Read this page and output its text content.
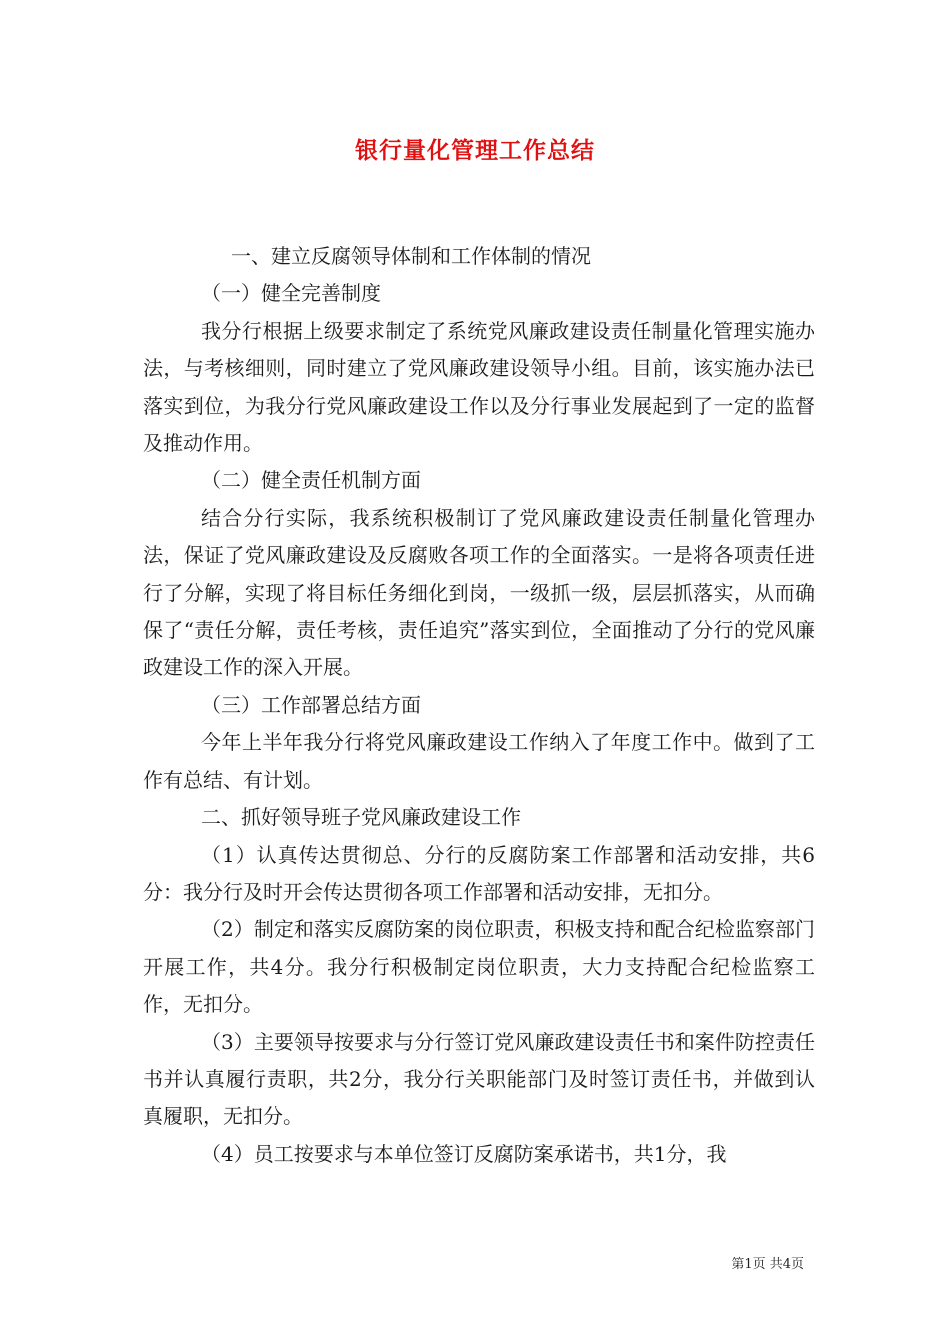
银行量化管理工作总结

一、建立反腐领导体制和工作体制的情况

（一）健全完善制度

我分行根据上级要求制定了系统党风廉政建设责任制量化管理实施办法，与考核细则，同时建立了党风廉政建设领导小组。目前，该实施办法已落实到位，为我分行党风廉政建设工作以及分行事业发展起到了一定的监督及推动作用。

（二）健全责任机制方面

结合分行实际，我系统积极制订了党风廉政建设责任制量化管理办法，保证了党风廉政建设及反腐败各项工作的全面落实。一是将各项责任进行了分解，实现了将目标任务细化到岗，一级抓一级，层层抓落实，从而确保了“责任分解，责任考核，责任追究”落实到位，全面推动了分行的党风廉政建设工作的深入开展。

（三）工作部署总结方面

今年上半年我分行将党风廉政建设工作纳入了年度工作中。做到了工作有总结、有计划。

二、抓好领导班子党风廉政建设工作

（1）认真传达贯彻总、分行的反腐防案工作部署和活动安排，共6分：我分行及时开会传达贯彻各项工作部署和活动安排，无扣分。

（2）制定和落实反腐防案的岗位职责，积极支持和配合纪检监察部门开展工作，共4分。我分行积极制定岗位职责，大力支持配合纪检监察工作，无扣分。

（3）主要领导按要求与分行签订党风廉政建设责任书和案件防控责任书并认真履行责职，共2分，我分行关职能部门及时签订责任书，并做到认真履职，无扣分。

（4）员工按要求与本单位签订反腐防案承诺书，共1分，我

第1页 共4页
